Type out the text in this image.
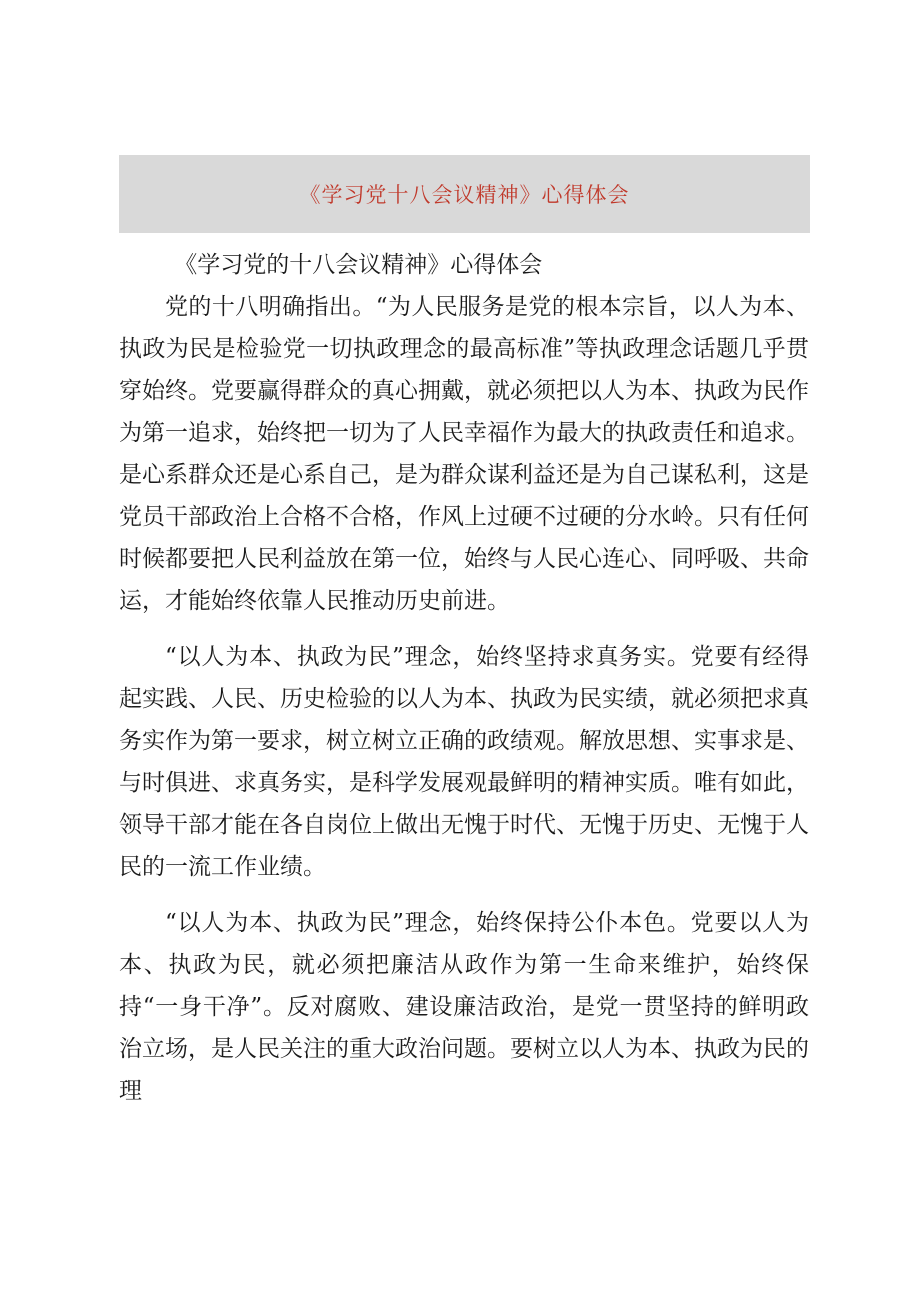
《学习党十八会议精神》心得体会

《学习党的十八会议精神》心得体会

党的十八明确指出。“为人民服务是党的根本宗旨，以人为本、执政为民是检验党一切执政理念的最高标准”等执政理念话题几乎贯穿始终。党要赢得群众的真心拥戴，就必须把以人为本、执政为民作为第一追求，始终把一切为了人民幸福作为最大的执政责任和追求。是心系群众还是心系自己，是为群众谋利益还是为自己谋私利，这是党员干部政治上合格不合格，作风上过硬不过硬的分水岭。只有任何时候都要把人民利益放在第一位，始终与人民心连心、同呼吸、共命运，才能始终依靠人民推动历史前进。

“以人为本、执政为民”理念，始终坚持求真务实。党要有经得起实践、人民、历史检验的以人为本、执政为民实绩，就必须把求真务实作为第一要求，树立树立正确的政绩观。解放思想、实事求是、与时俱进、求真务实，是科学发展观最鲜明的精神实质。唯有如此，领导干部才能在各自岗位上做出无愧于时代、无愧于历史、无愧于人民的一流工作业绩。

“以人为本、执政为民”理念，始终保持公仆本色。党要以人为本、执政为民，就必须把廉洁从政作为第一生命来维护，始终保持“一身干净”。反对腐败、建设廉洁政治，是党一贯坚持的鲜明政治立场，是人民关注的重大政治问题。要树立以人为本、执政为民的理
